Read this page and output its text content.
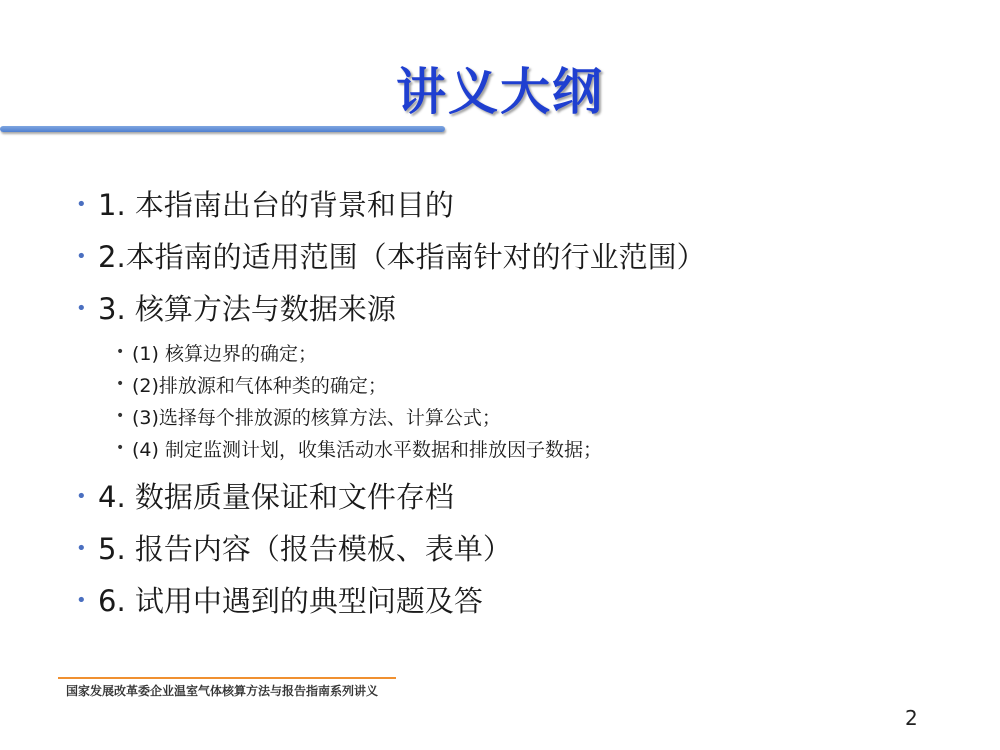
讲义大纲
• 1. 本指南出台的背景和目的
• 2.本指南的适用范围（本指南针对的行业范围）
• 3. 核算方法与数据来源
• (1) 核算边界的确定；
• (2)排放源和气体种类的确定；
• (3)选择每个排放源的核算方法、计算公式；
• (4) 制定监测计划，收集活动水平数据和排放因子数据；
• 4. 数据质量保证和文件存档
• 5. 报告内容（报告模板、表单）
• 6. 试用中遇到的典型问题及答
国家发展改革委企业温室气体核算方法与报告指南系列讲义
2
